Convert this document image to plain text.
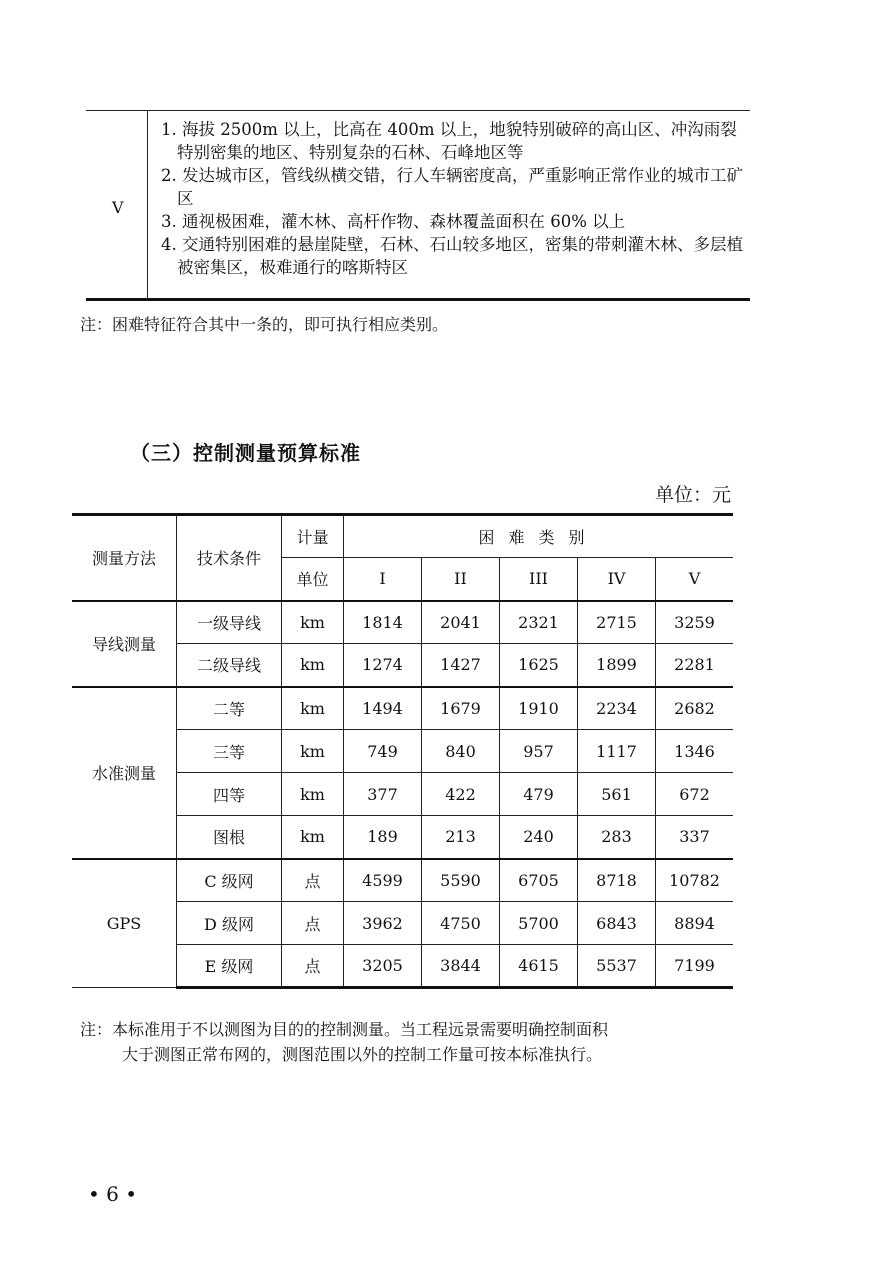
V
1. 海拔 2500m 以上，比高在 400m 以上，地貌特别破碎的高山区、冲沟雨裂特别密集的地区、特别复杂的石林、石峰地区等
2. 发达城市区，管线纵横交错，行人车辆密度高，严重影响正常作业的城市工矿区
3. 通视极困难，灌木林、高杆作物、森林覆盖面积在 60% 以上
4. 交通特别困难的悬崖陡壁，石林、石山较多地区，密集的带刺灌木林、多层植被密集区，极难通行的喀斯特区
注：困难特征符合其中一条的，即可执行相应类别。
（三）控制测量预算标准
单位：元
测量方法	技术条件	计量	困难类别				
		单位	I	II	III	IV	V
导线测量	一级导线	km	1814	2041	2321	2715	3259
	二级导线	km	1274	1427	1625	1899	2281
水准测量	二等	km	1494	1679	1910	2234	2682
	三等	km	749	840	957	1117	1346
	四等	km	377	422	479	561	672
	图根	km	189	213	240	283	337
GPS	C 级网	点	4599	5590	6705	8718	10782
	D 级网	点	3962	4750	5700	6843	8894
	E 级网	点	3205	3844	4615	5537	7199
注：本标准用于不以测图为目的的控制测量。当工程远景需要明确控制面积
大于测图正常布网的，测图范围以外的控制工作量可按本标准执行。
• 6 •
